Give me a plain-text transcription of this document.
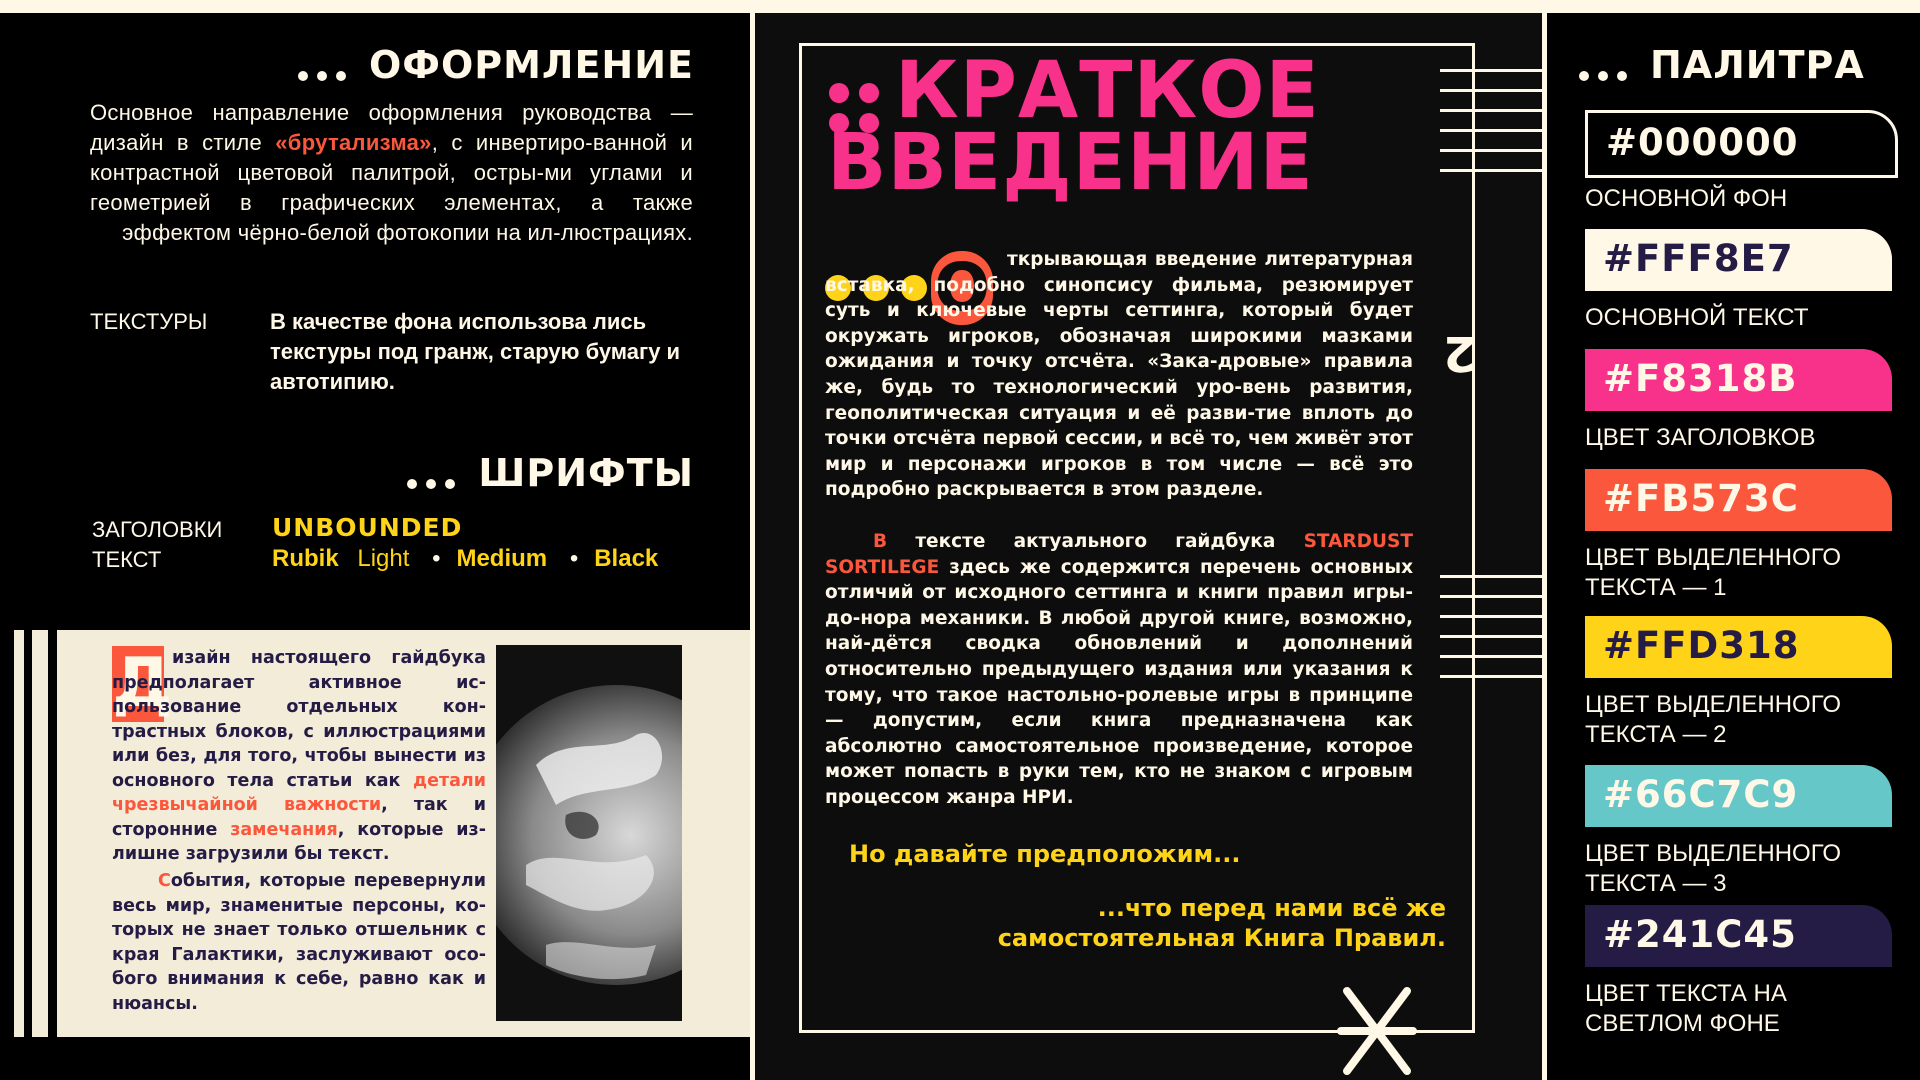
ОФОРМЛЕНИЕ
Основное направление оформления руководства — дизайн в стиле «брутализма», с инвертиро-ванной и контрастной цветовой палитрой, остры-ми углами и геометрией в графических элементах, а также эффектом чёрно-белой фотокопии на ил-люстрациях.
ТЕКСТУРЫ	В качестве фона использова лись текстуры под гранж, старую бумагу и автотипию.
ШРИФТЫ
ЗАГОЛОВКИ
ТЕКСТ
UNBOUNDED
Rubik Light • Medium • Black
Д изайн настоящего гайдбука предполагает активное ис-пользование отдельных кон-трастных блоков, с иллюстрациями или без, для того, чтобы вынести из основного тела статьи как детали чрезвычайной важности, так и сторонние замечания, которые из-лишне загрузили бы текст.
События, которые перевернули весь мир, знаменитые персоны, ко-торых не знает только отшельник с края Галактики, заслуживают осо-бого внимания к себе, равно как и нюансы.
КРАТКОЕ
ВВЕДЕНИЕ
2
О ткрывающая введение литературная вставка, подобно синопсису фильма, резюмирует суть и ключевые черты сеттинга, который будет окружать игроков, обозначая широкими мазками ожидания и точку отсчёта. «Зака-дровые» правила же, будь то технологический уро-вень развития, геополитическая ситуация и её разви-тие вплоть до точки отсчёта первой сессии, и всё то, чем живёт этот мир и персонажи игроков в том числе — всё это подробно раскрывается в этом разделе.
В тексте актуального гайдбука STARDUST SORTILEGE здесь же содержится перечень основных отличий от исходного сеттинга и книги правил игры-до-нора механики. В любой другой книге, возможно, най-дётся сводка обновлений и дополнений относительно предыдущего издания или указания к тому, что такое настольно-ролевые игры в принципе — допустим, если книга предназначена как абсолютно самостоятельное произведение, которое может попасть в руки тем, кто не знаком с игровым процессом жанра НРИ.
Но давайте предположим...
...что перед нами всё же
самостоятельная Книга Правил.
ПАЛИТРА
#000000
ОСНОВНОЙ ФОН
#FFF8E7
ОСНОВНОЙ ТЕКСТ
#F8318B
ЦВЕТ ЗАГОЛОВКОВ
#FB573C
ЦВЕТ ВЫДЕЛЕННОГО ТЕКСТА — 1
#FFD318
ЦВЕТ ВЫДЕЛЕННОГО ТЕКСТА — 2
#66C7C9
ЦВЕТ ВЫДЕЛЕННОГО ТЕКСТА — 3
#241C45
ЦВЕТ ТЕКСТА НА СВЕТЛОМ ФОНЕ
